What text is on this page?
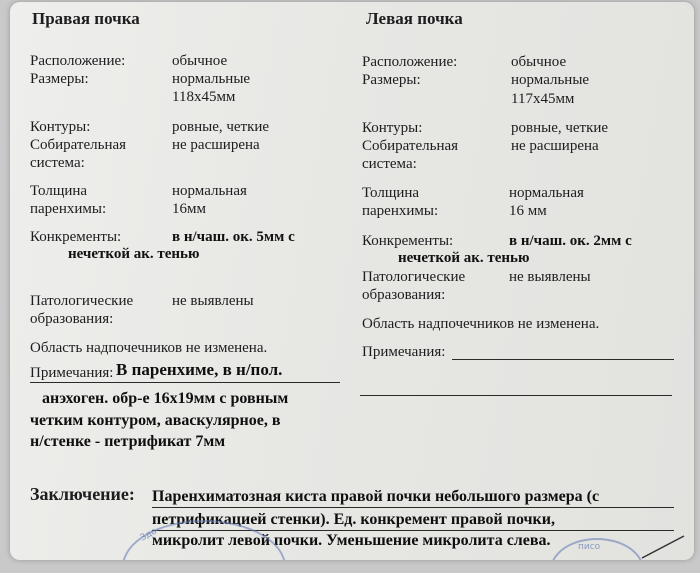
Правая почка
Расположение:	обычное
Размеры:	нормальные
118х45мм
Контуры:	ровные, четкие
Собирательная	не расширена
система:
Толщина	нормальная
паренхимы:	16мм
Конкременты:	в н/чаш. ок. 5мм с
нечеткой ак. тенью
Патологические	не выявлены
образования:
Область надпочечников не изменена.
Примечания: В паренхиме, в н/пол.
анэхоген. обр-е 16х19мм с ровным
четким контуром, аваскулярное, в
н/стенке - петрификат 7мм
Левая почка
Расположение:	обычное
Размеры:	нормальные
117х45мм
Контуры:	ровные, четкие
Собирательная	не расширена
система:
Толщина	нормальная
паренхимы:	16 мм
Конкременты:	в н/чаш. ок. 2мм с
нечеткой ак. тенью
Патологические	не выявлены
образования:
Область надпочечников не изменена.
Примечания:
Заключение: Паренхиматозная киста правой почки небольшого размера (с
петрификацией стенки). Ед. конкремент правой почки,
микролит левой почки. Уменьшение микролита слева.
Здо
писо
